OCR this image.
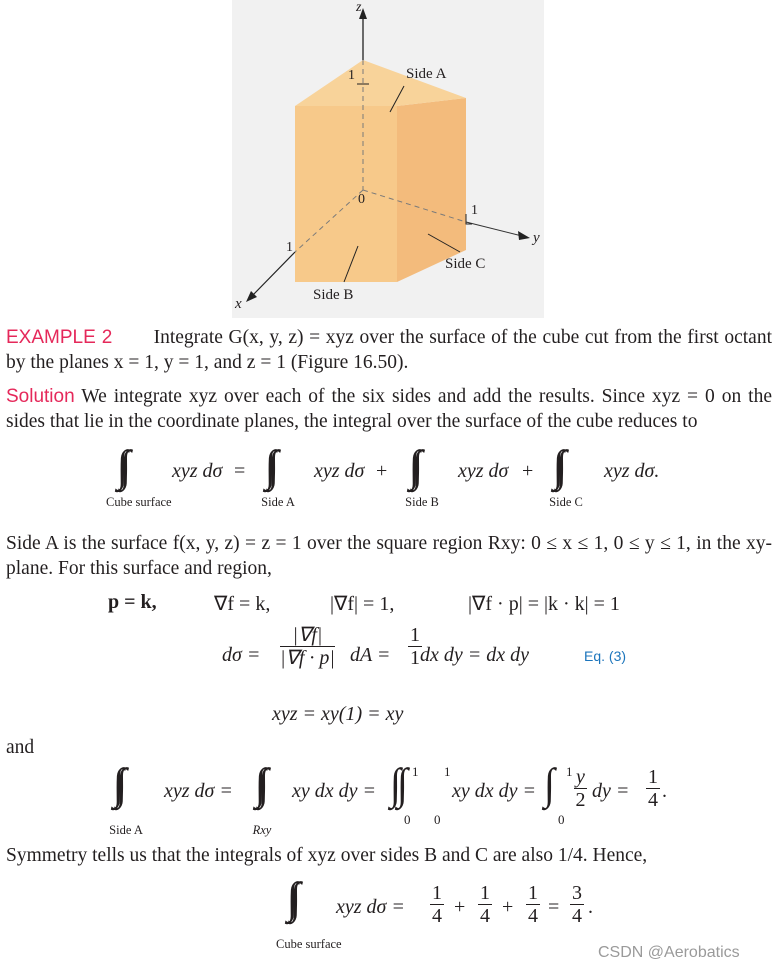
z
1	Side A
0
1
y
1
Side C
Side B
x
EXAMPLE 2 Integrate G(x, y, z) = xyz over the surface of the cube cut from the first octant by the planes x = 1, y = 1, and z = 1 (Figure 16.50).
Solution We integrate xyz over each of the six sides and add the results. Since xyz = 0 on the sides that lie in the coordinate planes, the integral over the surface of the cube reduces to
xyz dσ =	xyz dσ +	xyz dσ +	xyz dσ.
Cube surface	Side A	Side B	Side C
Side A is the surface f(x, y, z) = z = 1 over the square region Rxy: 0 ≤ x ≤ 1, 0 ≤ y ≤ 1, in the xy-plane. For this surface and region,
p = k,	∇f = k,	|∇f| = 1,	|∇f · p| = |k · k| = 1
$d\sigma = \frac{|\nabla f|}{|\nabla f \cdot p|}$ dA = $\frac{1}{1}$
dx dy = dx dy	Eq. (3)
xyz = xy(1) = xy
and
xyz dσ =	xy dx dy = ∫∫ 1
0
1
0
xy dx dy =
1
0
$\frac{y}{2}$ dy = $\frac{1}{4}$ .
Side A	Rxy
Symmetry tells us that the integrals of xyz over sides B and C are also 1/4. Hence,
xyz $d\sigma = \frac{1}{4} + \frac{1}{4} + \frac{1}{4} = \frac{3}{4}$ .
Cube surface	CSDN @Aerobatics
